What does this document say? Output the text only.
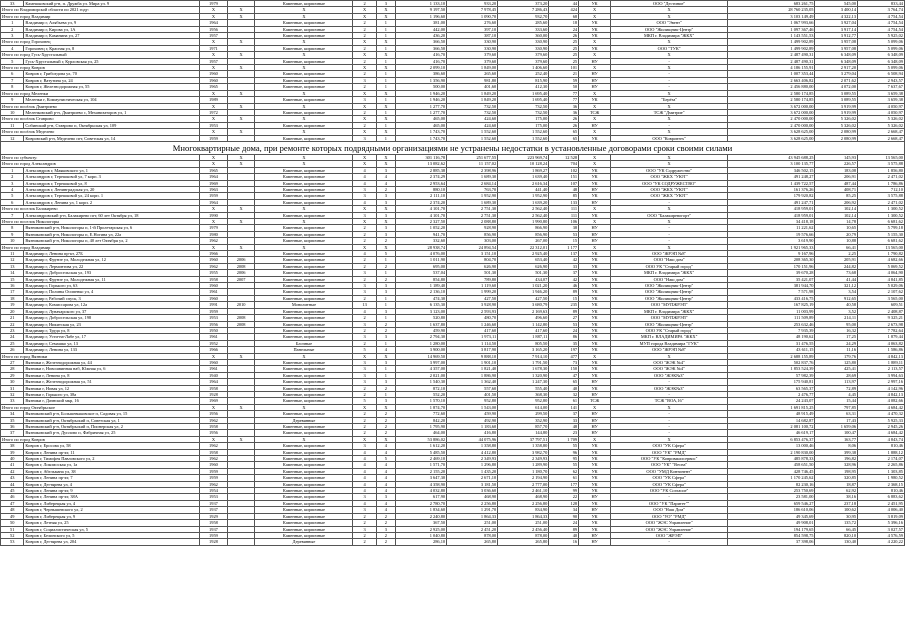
33	Камешковский р-н, п. Дружба ул. Мира ул. 9	1979		Каменные, кирпичные	2	3	1 133,10	933,20	373,20	44	УК	ООО "Дестиние"	683 261,75	545,00	833,44
Итого по Владимирской области по 2021 году:		X	X	X	X	X	9 197,50	7 978,45	7 286,43	424	X	X	28 760 235,05	3 400,14	3 764,74
Итого по город Владимир		X	X	X	X	X	1 196,60	1 090,70	932,70	68	X	X	3 103 149,49	4 322,13	4 754,54
1	Владимир г, Алябьева ул, 9	1964		Каменные, кирпичные	2	1	381,00	276,60	285,60	18	УК	ООО "Эвент"	1 067 993,66	3 927,04	4 754,54
2	Владимир г, Кирова ул, 1А	1956		Каменные, кирпичные	2	1	442,00	397,10	333,60	24	УК	ООО "Жилищник-Центр"	1 097 367,46	3 917,14	4 754,54
3	Владимир г, Каманина ул, 27	1957		Каменные, кирпичные	2	1	436,20	387,10	360,00	26	УК	МКП г. Владимира "ЖКХ"	1 143 551,53	3 912,77	5 925,02
Итого по город Гороховец		X	X	X	X	X	366,50	330,90	330,90	25	X	X	1 499 902,89	3 957,08	5 099,06
4	Гороховец г, Красная ул, 8	1971		Каменные, кирпичные	2	1	366,50	330,90	330,90	25	УК	ООО "ТУК"	1 499 902,89	3 957,08	5 099,06
Итого по город Гусь-Хрустальный		X	X	X	X	X	416,70	379,60	379,60	25	X	X	2 487 490,31	6 348,09	6 348,09
5	Гусь-Хрустальный г, Курловская ул, 25	1957		Каменные, кирпичные	2	1	416,70	379,60	379,60	25	НУ	-	2 487 490,31	6 348,09	6 348,09
Итого по город Ковров		X	X	X	X	X	2 099,10	1 849,00	1 406,60	101	X	X	4 186 155,91	2 917,20	5 099,06
6	Ковров г, Грибоедова ул, 70	1960		Каменные, кирпичные	2	1	386,60	265,60	252,40	21	НУ	-	1 007 353,44	3 279,04	6 508,94
7	Ковров г, Ватутина ул, 24	1960		Каменные, кирпичные	3	1	1 356,90	981,80	815,90	59	НУ	-	2 663 406,82	2 071,62	2 943,57
8	Ковров г, Железнодорожная ул, 55	1965		Каменные, кирпичные	2	1	500,00	401,60	412,30	50	НУ	-	2 456 880,00	4 072,00	7 637,67
Итого по город Меленки		X	X	X	X	X	1 946,20	1 849,20	1 695,40	77	X	X	2 580 174,85	3 089,55	3 659,38
9	Меленки г, Коммунистическая ул, 104	1989		Каменные, кирпичные	3	1	1 946,20	1 849,20	1 695,40	77	УК	"Берёза"	2 580 174,85	3 089,55	3 659,38
Итого по посёлок Дмитриево		X	X	X	X	X	1 277,70	732,50	732,50	36	X	X	3 672 000,00	3 919,99	4 050,97
10	Меленковский р-н, Дмитриево с, Механизаторов ул, 1	1972		Каменные, кирпичные	2	1	1 277,70	732,50	732,50	36	ТСЖ	ТСЖ "Дмитрие"	3 672 000,00	3 919,99	4 050,97
Итого по посёлок Ставрово		X	X	X	X	X	465,00	424,60	175,00	26	X	X	2 470 000,00	5 326,02	5 326,02
11	Собинский р-н, Ставрово п, Октябрьская ул, 109	1953		Каменные, кирпичные	2	1	465,00	424,60	175,00	26	НУ	-	2 470 000,00	5 326,02	5 326,02
Итого по посёлок Меделево		X	X	X	X	X	1 743,70	1 552,60	1 552,60	65	X	X	3 628 625,00	2 080,99	2 668,47
12	Ковровский р-н, Меделево пгт, Советская ул, 14	1959		Каменные, кирпичные	3	1	1 743,70	1 552,60	1 552,60	65	УК	ООО "Ковровтех"	3 628 625,00	2 080,99	2 668,47
Многоквартирные дома, при ремонте которых подрядными организациями не устранены недостатки в установленные договорами сроки своими силами															
Итого по субъекту:		X	X	X	X	X	301 116,78	251 677,55	223 969,74	12 528	X	X	43 945 688,25	145,93	13 565,00
Итого по город Александров		X	X	X	X	X	13 082,62	11 157,02	10 128,24	704	X	X	3 100 135,77	226,57	3 575,88
1	Александров г, Маяковского ул, 1	1965		Каменные, кирпичные	4	3	2 885,38	2 398,96	1 869,27	102	УК	ООО "УК Содружество"	346 502,15	183,08	1 856,80
2	Александров г, Терешковой ул, 7 корп. 3	1964		Каменные, кирпичные	4	4	2 374,29	1 689,30	1 639,40	151	УК	ООО "ЖКХ "УЮТ"	491 248,27	206,91	2 471,02
3	Александров г, Терешковой ул, 8	1969		Каменные, кирпичные	4	4	2 953,64	2 684,14	2 616,34	107	УК	ООО "УК СОДРУЖЕСТВО"	1 439 722,57	487,44	1 786,86
4	Александров г, Ленинградская ул, 20	1963		Каменные, кирпичные	3	2	880,10	763,70	441,40	48	НУ	ООО "ЖКХ "УЮТ"	161 376,26	408,71	712,10
5	Александров г, Терешковой ул, 24 корп. 1	1959		Каменные, кирпичные	3	3	2 111,10	1 952,90	1 952,90	85	УК	ООО "ЖКХ "УЮТ"	179 920,82	85,25	3 575,88
6	Александров г, Ленина ул, 1 корп. 2	1964		Каменные, кирпичные	4	3	2 374,20	1 689,30	1 639,20	133	НУ	-	491 247,71	206,92	2 471,02
Итого по поселок Балакирево		X	X	X	X	X	4 101,70	2 751,30	2 562,40	111	X	X	418 959,01	102,14	1 300,52
7	Александровский р-н, Балакирево пгт, 60 лет Октября ул, 18	1990		Каменные, кирпичные	3	3	4 101,70	2 751,30	2 562,40	111	УК	ООО "Балакиревогорт"	418 959,01	102,14	1 300,52
Итого по поселок Никологоры		X	X	X	X	X	2 327,50	2 088,80	1 990,80	106	X	X	34 418,18	14,78	6 681,62
8	Вязниковский р-н, Никологоры п, 1-й Пролетарская ул, 6	1979		Каменные, кирпичные	2	3	1 052,20	928,90	866,90	38	НУ	-	11 221,62	10,65	5 799,18
9	Вязниковский р-н, Никологоры п, Е.Ногина ул, 22а	1980		Каменные, кирпичные	2	3	941,70	856,90	856,90	53	НУ	-	19 576,66	20,79	5 155,30
10	Вязниковский р-н, Никологоры п, 40 лет Октября ул, 2	1962		Каменные, кирпичные	2	2	332,60	303,00	267,00	15	НУ	-	3 619,90	10,88	6 681,62
Итого по город Владимир		X	X	X	X	X	28 938,74	24 894,54	22 312,01	1 177	X	X	1 921 965,33	66,41	13 565,00
11	Владимир г, Ленина пр-кт, 27Б	1966		Каменные, кирпичные	4	5	4 076,00	3 151,10	2 925,40	137	УК	ООО "ЖРЭП №8"	9 167,96	2,25	1 790,82
12	Владимир г, Фрунзе ул, Молодежная ул, 12	1960	2006	Каменные, кирпичные	2	1	1 011,90	804,70	653,40	42	УК	ООО "Наш дом"	208 365,30	205,91	4 682,66
13	Владимир г, Лермонтова ул, 22	1962	2008	Каменные, кирпичные	2	2	695,00	626,90	626,90	33	УК	ООО УК "Старый город"	170 151,96	244,82	5 069,52
14	Владимир г, Добросельская ул, 193	1955	2006	Каменные, кирпичные	3	1	537,04	501,30	501,30	37	УК	МКП г. Владимира "ЖКХ"	39 670,28	73,68	4 064,90
15	Владимир г, Фрунзе ул, Молодежная ул, 11	1958	2007	Каменные, кирпичные	2	2	854,80	789,80	434,07	42	УК	ООО "Наш дом"	35 421,07	41,44	4 841,85
16	Владимир г, Горького ул, 63	1960		Каменные, кирпичные	3	3	1 189,40	1 119,60	1 021,20	46	УК	ООО "Жилищник-Центр"	381 944,70	321,12	5 029,06
17	Владимир г, Полины Осипенко ул, 4	1961		Каменные, кирпичные	3	3	2 136,10	1 999,20	1 946,20	89	УК	ООО "Жилищник-Центр"	7 571,98	3,54	2 107,62
18	Владимир г, Рабочий спуск, 3	1960		Каменные, кирпичные	2	1	474,30	427,50	427,50	15	УК	ООО "Жилищник-Центр"	433 416,75	912,65	3 565,00
19	Владимир г, Комиссарова ул, 12а	1991	2010	Монолитные	13	1	6 135,30	3 928,90	3 680,79	235	УК	ООО "МУПЖРЭП"	167 825,19	40,58	609,51
20	Владимир г, Луначарского ул, 37	1959		Каменные, кирпичные	4	3	3 123,00	2 593,93	2 169,63	89	УК	МКП г. Владимира "ЖКХ"	11 003,99	3,52	2 408,87
21	Владимир г, Добросельская ул, 198	1953	2008	Каменные, кирпичные	2	1	520,80	480,70	496,60	27	УК	ООО "МУПЖРЭП"	111 509,89	214,11	9 325,21
22	Владимир г, Никитская ул, 23	1956	2008	Каменные, кирпичные	3	2	1 637,80	1 246,60	1 142,80	53	УК	ООО "Жилищник-Центр"	253 632,46	95,00	2 673,98
23	Владимир г, Труда ул, 8	1950		Каменные, кирпичные	2	2	459,90	417,60	417,60	24	УК	ООО УК "Старый город"	7 935,39	16,32	7 782,64
24	Владимир г, Усти-на-Лабе ул, 17	1961		Каменные, кирпичные	3	3	2 794,30	1 973,11	1 887,11	86	УК	МКП г. ВЛАДИМИРА "ЖКХ"	48 190,62	17,25	1 879,44
25	Владимир г, Семашко ул, 13	1952		Блочные	2	1	1 280,00	1 114,50	805,50	35	УК	МУП города Владимира "ГУК"	31 476,55	24,29	4 063,82
26	Владимир г, Ленина ул, 133	1966		Панельные	5	4	3 900,00	3 817,90	3 165,20	197	УК	ООО "ЖРЭП №8"	43 611,15	11,16	1 586,86
Итого по город Вязники		X	X	X	X	X	14 969,50	9 888,10	7 914,10	477	X	X	2 688 155,89	179,76	4 842,13
27	Вязники г, Железнодорожная ул, 44	1960		Каменные, кирпичные	3	3	3 997,00	1 901,10	1 791,50	73	УК	ООО "ЖЭК №4"	502 837,76	125,80	1 889,11
28	Вязники г, Новошвинная наб, Южная ул, 6	1961		Каменные, кирпичные	3	1	4 357,00	1 821,40	1 678,30	150	УК	ООО "ЖЭК №4"	1 853 524,39	425,41	2 113,57
29	Вязники г, Ленина ул, 8	1940		Каменные, кирпичные	3	1	2 021,00	1 886,90	1 320,90	47	УК	ООО "ЖЭК№3"	57 982,39	28,69	3 994,63
30	Вязники г, Железнодорожная ул, 51	1964		Каменные, кирпичные	3	3	1 540,30	1 362,40	1 247,30	65	НУ	-	175 940,81	113,97	2 997,16
31	Вязники г, Новая ул, 12	1958		Каменные, кирпичные	2	2	872,10	557,60	555,40	40	УК	ООО "ЖЭК№3"	63 565,37	72,89	4 142,96
32	Вязники г, Горького ул, 38а	1928		Каменные, кирпичные	2	1	552,20	401,50	368,30	32	НУ	-	2 476,77	4,45	4 842,13
33	Вязники г, Дачнский мкр, 16	1969		Каменные, кирпичные	5	3	1 570,10	952,80	952,80	61	ТСЖ	ТСЖ "ВОА,16"	24 243,07	15,44	4 082,66
Итого по город Октябрьское		X	X	X	X	X	1 874,70	1 543,00	614,00	141	X	X	1 691 815,25	797,85	4 684,42
34	Вязниковский р-н, Большевыковское п, Садовая ул, 15	1956		Каменные, кирпичные	2	2	772,60	459,90	299,50	37	НУ	-	48 915,49	63,31	4 470,32
35	Вязниковский р-н, Октябрьский п, Советская ул, 1	1962		Деревянные	2	2	842,20	492,90	352,90	33	НУ	-	14 682,87	17,43	5 925,33
36	Вязниковский р-н, Октябрьский п, Пионерская ул, 2	1958		Каменные, кирпичные	2	2	1 795,90	1 183,60	857,70	48	НУ	-	2 081 100,72	1 659,06	2 945,26
37	Вязниковский р-н, Дуплово п, Фабричная ул, 25	1956		Каменные, кирпичные	2	2	464,00	416,80	144,80	23	НУ	-	46 619,17	100,47	4 684,42
Итого по город Ковров		X	X	X	X	X	53 886,02	44 075,96	37 797,51	1 709	X	X	6 853 476,37	163,77	4 843,74
38	Ковров г, Еросова ул, 58	1962		Каменные, кирпичные	3	4	1 612,20	1 358,80	1 358,80	55	УК	ООО "УК Сфера"	13 000,46	8,06	810,46
39	Ковров г, Ленина пр-кт, 11	1958		Каменные, кирпичные	4	4	5 485,50	4 412,80	3 982,70	96	УК	ООО "УК" "РМД"	2 190 830,00	399,38	1 888,12
40	Ковров г, Тимофея Павловского ул, 2	1962		Каменные, кирпичные	4	5	2 469,10	2 349,93	2 349,93	95	УК	ООО "УК "Ковровжилсервис"	485 878,33	196,82	2 174,07
41	Ковров г, Локомоская ул, 1а	1960		Каменные, кирпичные	4	4	1 571,70	1 296,80	1 289,90	55	УК	ООО "УК" "Весна"	458 651,50	328,96	2 265,86
42	Ковров г, Абельмана ул, 38	1959		Каменные, кирпичные	4	4	2 155,20	1 435,20	1 180,70	62	УК	ООО "УМД Континент"	428 746,45	198,95	1 303,85
43	Ковров г, Ленина пр-кт, 7	1959		Каменные, кирпичные	4	4	3 647,30	2 671,10	2 194,90	61	УК	ООО "УК Сфера"	1 170 245,62	320,85	1 980,52
44	Ковров г, Дегтярева ул, 4	1962		Каменные, кирпичные	4	4	4 358,90	3 181,50	2 777,00	177	УК	ООО "УК Сфера"	82 230,16	18,87	2 368,15
45	Ковров г, Ленина пр-кт, 9	1954		Каменные, кирпичные	4	4	4 032,80	3 036,60	2 461,10	99	УК	ООО "УК Согласие"	253 750,69	62,92	810,46
46	Ковров г, Ленина пр-кт, 38А	1953		Каменные, кирпичные	3	3	617,90	468,90	468,90	22	НУ	-	23 581,00	38,16	6 883,62
47	Ковров г, Либерецкая ул, 4	1937		Каменные, кирпичные	4	4	2 780,70	2 256,80	2 256,80	128	УК	ООО "УК "Паритет""	659 546,27	237,18	2 451,95
48	Ковров г, Чернышевского ул, 2	1937		Каменные, кирпичные	3	4	1 834,60	1 291,70	834,90	34	НУ	ООО "Наш Дом"	186 610,06	100,62	4 006,40
49	Ковров г, Либерецкая ул, 9	1929		Каменные, кирпичные	2	2	2 240,80	1 864,33	1 864,33	90	УК	ООО "УО" "РМД"	49 345,69	30,95	3 819,09
50	Ковров г, Летняя ул, 25	1958		Каменные, кирпичные	2	2	367,50	251,00	251,00	24	УК	ООО "ЖЭС Управление"	49 908,01	135,72	5 396,16
51	Ковров г, Социалистическая ул, 5	1937		Каменные, кирпичные	3	3	2 925,00	2 451,20	2 456,40	89	УК	ООО "ЖЭС Управление"	194 179,65	66,45	3 027,57
52	Ковров г, Белинского ул, 5	1959		Каменные, кирпичные	2	2	1 040,80	878,00	878,00	40	НУ	ООО "ЖРЭП"	854 598,75	820,10	4 576,59
53	Ковров г, Дегтярева ул, 204	1928		Деревянные	2	2	286,10	265,80	265,80	16	НУ	-	37 398,06	130,40	4 220,22
